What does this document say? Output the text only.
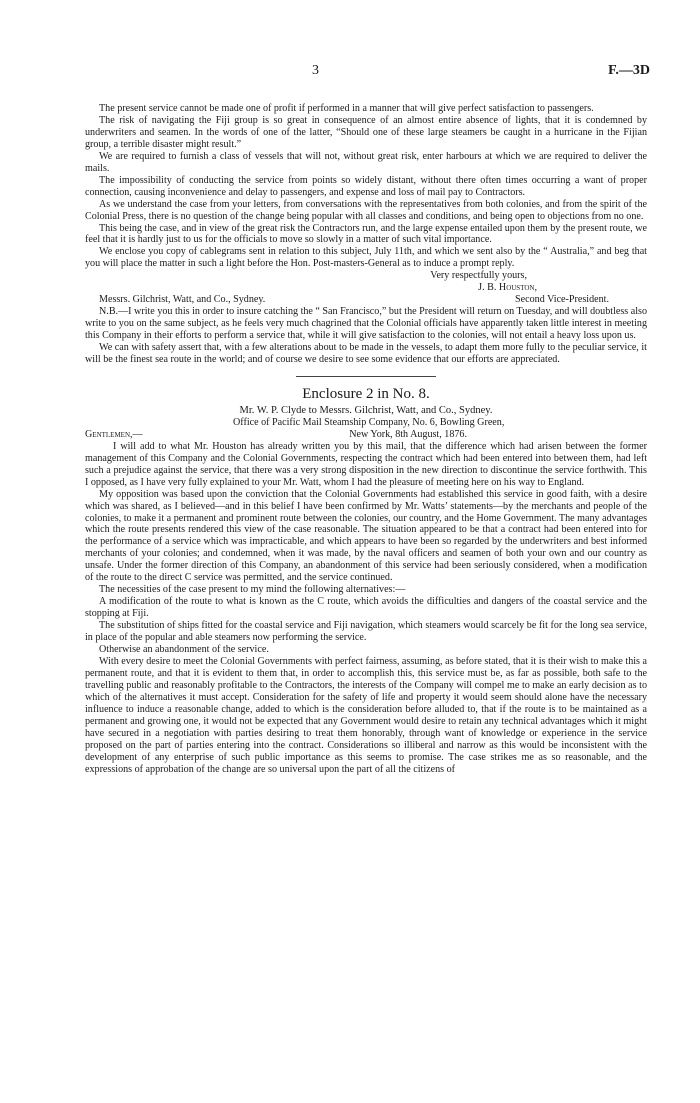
3	F.—3D

The present service cannot be made one of profit if performed in a manner that will give perfect satisfaction to passengers.

The risk of navigating the Fiji group is so great in consequence of an almost entire absence of lights, that it is condemned by underwriters and seamen. In the words of one of the latter, “Should one of these large steamers be caught in a hurricane in the Fijian group, a terrible disaster might result.”

We are required to furnish a class of vessels that will not, without great risk, enter harbours at which we are required to deliver the mails.

The impossibility of conducting the service from points so widely distant, without there often times occurring a want of proper connection, causing inconvenience and delay to passengers, and expense and loss of mail pay to Contractors.

As we understand the case from your letters, from conversations with the representatives from both colonies, and from the spirit of the Colonial Press, there is no question of the change being popular with all classes and conditions, and being open to objections from no one.

This being the case, and in view of the great risk the Contractors run, and the large expense entailed upon them by the present route, we feel that it is hardly just to us for the officials to move so slowly in a matter of such vital importance.

We enclose you copy of cablegrams sent in relation to this subject, July 11th, and which we sent also by the “ Australia,” and beg that you will place the matter in such a light before the Hon. Post-masters-General as to induce a prompt reply.

Very respectfully yours,
J. B. Houston,
Messrs. Gilchrist, Watt, and Co., Sydney.	Second Vice-President.

N.B.—I write you this in order to insure catching the “ San Francisco,” but the President will return on Tuesday, and will doubtless also write to you on the same subject, as he feels very much chagrined that the Colonial officials have apparently taken little interest in meeting this Company in their efforts to perform a service that, while it will give satisfaction to the colonies, will not entail a heavy loss upon us.

We can with safety assert that, with a few alterations about to be made in the vessels, to adapt them more fully to the peculiar service, it will be the finest sea route in the world; and of course we desire to see some evidence that our efforts are appreciated.

Enclosure 2 in No. 8.
Mr. W. P. Clyde to Messrs. Gilchrist, Watt, and Co., Sydney.
Office of Pacific Mail Steamship Company, No. 6, Bowling Green,
Gentlemen,—	New York, 8th August, 1876.

I will add to what Mr. Houston has already written you by this mail, that the difference which had arisen between the former management of this Company and the Colonial Governments, respecting the contract which had been entered into between them, had left such a prejudice against the service, that there was a very strong disposition in the new direction to discontinue the service forthwith. This I opposed, as I have very fully explained to your Mr. Watt, whom I had the pleasure of meeting here on his way to England.

My opposition was based upon the conviction that the Colonial Governments had established this service in good faith, with a desire which was shared, as I believed—and in this belief I have been confirmed by Mr. Watts’ statements—by the merchants and people of the colonies, to make it a permanent and prominent route between the colonies, our country, and the Home Government. The many advantages which the route presents rendered this view of the case reasonable. The situation appeared to be that a contract had been entered into for the performance of a service which was impracticable, and which appears to have been so regarded by the underwriters and best informed merchants of your colonies; and condemned, when it was made, by the naval officers and seamen of both your own and our country as unsafe. Under the former direction of this Company, an abandonment of this service had been seriously considered, when a modification of the route to the direct C service was permitted, and the service continued.

The necessities of the case present to my mind the following alternatives:—

A modification of the route to what is known as the C route, which avoids the difficulties and dangers of the coastal service and the stopping at Fiji.

The substitution of ships fitted for the coastal service and Fiji navigation, which steamers would scarcely be fit for the long sea service, in place of the popular and able steamers now performing the service.

Otherwise an abandonment of the service.

With every desire to meet the Colonial Governments with perfect fairness, assuming, as before stated, that it is their wish to make this a permanent route, and that it is evident to them that, in order to accomplish this, this service must be, as far as possible, both safe to the travelling public and reasonably profitable to the Contractors, the interests of the Company will compel me to make an early decision as to which of the alternatives it must accept. Consideration for the safety of life and property it would seem should alone have the necessary influence to induce a reasonable change, added to which is the consideration before alluded to, that if the route is to be maintained as a permanent and growing one, it would not be expected that any Government would desire to retain any technical advantages which it might have secured in a negotiation with parties desiring to treat them honorably, through want of knowledge or experience in the service proposed on the part of parties entering into the contract. Considerations so illiberal and narrow as this would be inconsistent with the development of any enterprise of such public importance as this seems to promise. The case strikes me as so reasonable, and the expressions of approbation of the change are so universal upon the part of all the citizens of
